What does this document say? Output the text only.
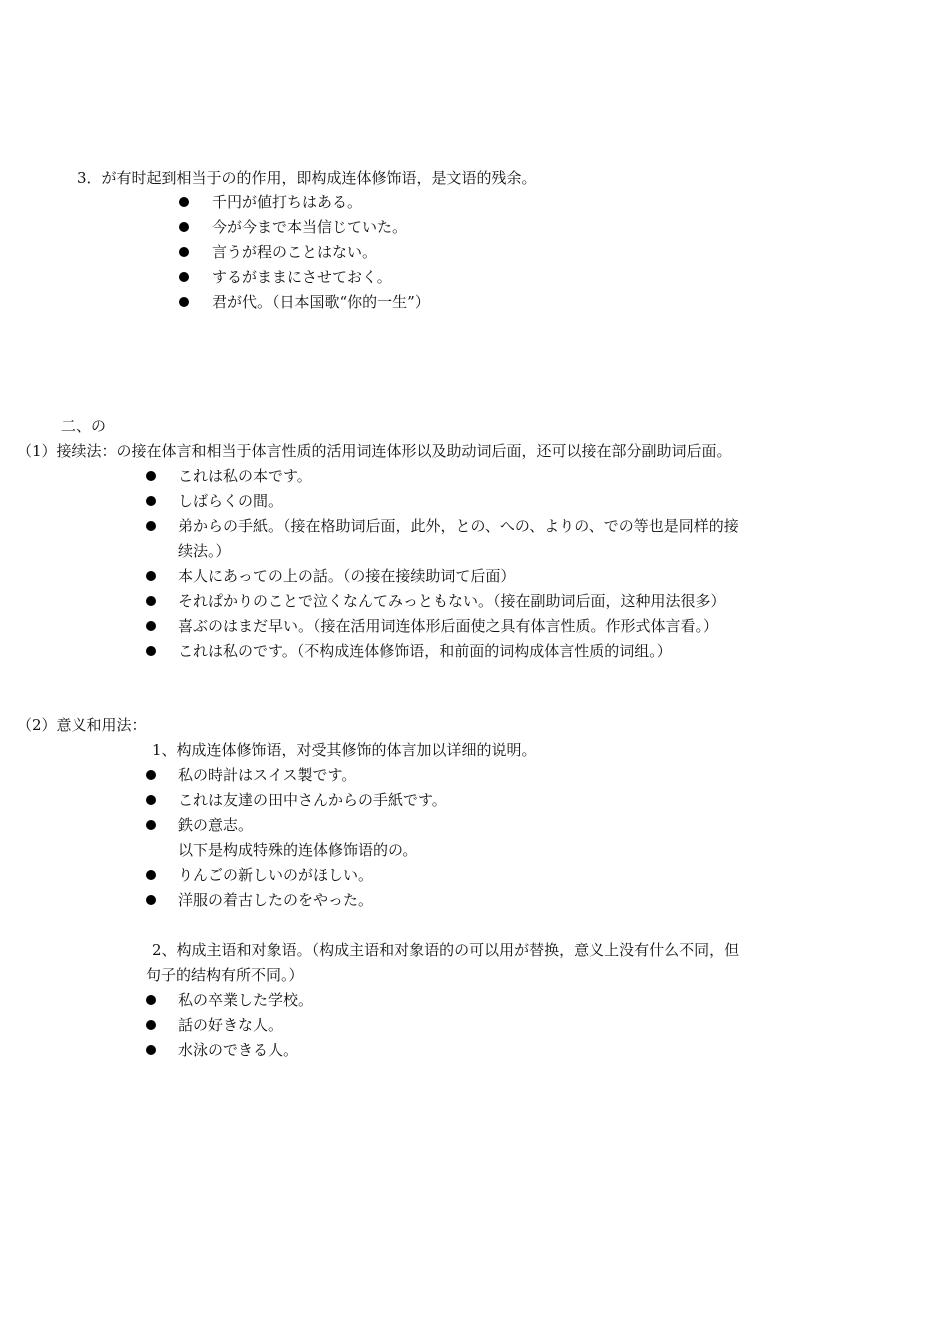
3．が有时起到相当于の的作用，即构成连体修饰语，是文语的残余。
千円が値打ちはある。
今が今まで本当信じていた。
言うが程のことはない。
するがままにさせておく。
君が代。（日本国歌“你的一生”）
二、の
（1）接续法：の接在体言和相当于体言性质的活用词连体形以及助动词后面，还可以接在部分副助词后面。
これは私の本です。
しばらくの間。
弟からの手紙。（接在格助词后面，此外，との、への、よりの、での等也是同样的接
续法。）
本人にあっての上の話。（の接在接续助词て后面）
それぱかりのことで泣くなんてみっともない。（接在副助词后面，这种用法很多）
喜ぶのはまだ早い。（接在活用词连体形后面使之具有体言性质。作形式体言看。）
これは私のです。（不构成连体修饰语，和前面的词构成体言性质的词组。）
（2）意义和用法：
1、构成连体修饰语，对受其修饰的体言加以详细的说明。
私の時計はスイス製です。
これは友達の田中さんからの手紙です。
鉄の意志。
以下是构成特殊的连体修饰语的の。
りんごの新しいのがほしい。
洋服の着古したのをやった。
2、构成主语和对象语。（构成主语和对象语的の可以用が替换，意义上没有什么不同，但
句子的结构有所不同。）
私の卒業した学校。
話の好きな人。
水泳のできる人。
